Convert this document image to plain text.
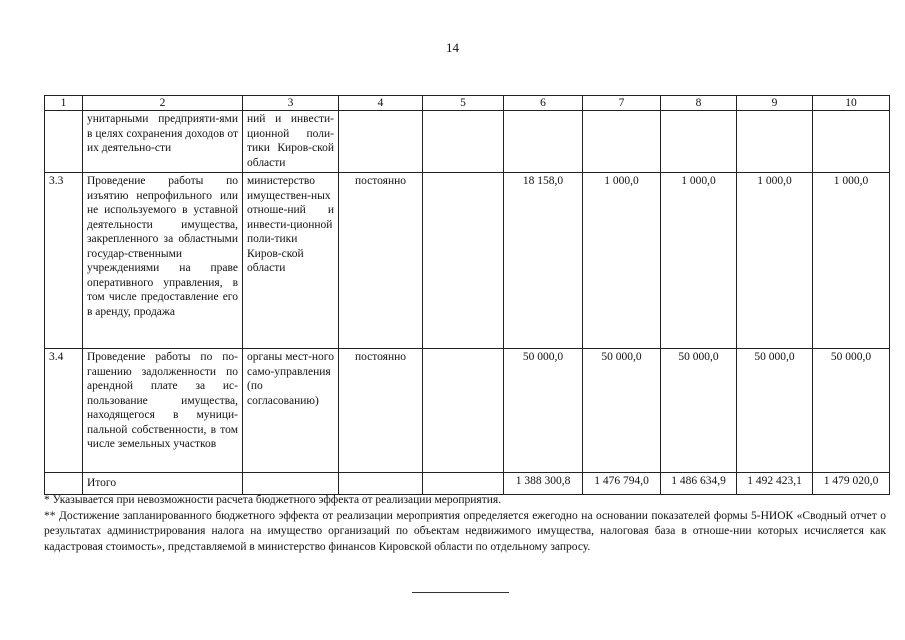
14
1	2	3	4	5	6	7	8	9	10
	унитарными предприяти-ями в целях сохранения доходов от их деятельно-сти	ний и инвести-ционной поли-тики Киров-ской области							
3.3	Проведение работы по изъятию непрофильного или не используемого в уставной деятельности имущества, закрепленного за областными государ-ственными учреждениями на праве оперативного управления, в том числе предоставление его в аренду, продажа	министерство имуществен-ных отноше-ний и инвести-ционной поли-тики Киров-ской области	постоянно		18 158,0	1 000,0	1 000,0	1 000,0	1 000,0
3.4	Проведение работы по по-гашению задолженности по арендной плате за ис-пользование имущества, находящегося в муници-пальной собственности, в том числе земельных участков	органы мест-ного само-управления (по согласованию)	постоянно		50 000,0	50 000,0	50 000,0	50 000,0	50 000,0
	Итого				1 388 300,8	1 476 794,0	1 486 634,9	1 492 423,1	1 479 020,0

* Указывается при невозможности расчета бюджетного эффекта от реализации мероприятия.

** Достижение запланированного бюджетного эффекта от реализации мероприятия определяется ежегодно на основании показателей формы 5-НИОК «Сводный отчет о результатах администрирования налога на имущество организаций по объектам недвижимого имущества, налоговая база в отноше-нии которых исчисляется как кадастровая стоимость», представляемой в министерство финансов Кировской области по отдельному запросу.
